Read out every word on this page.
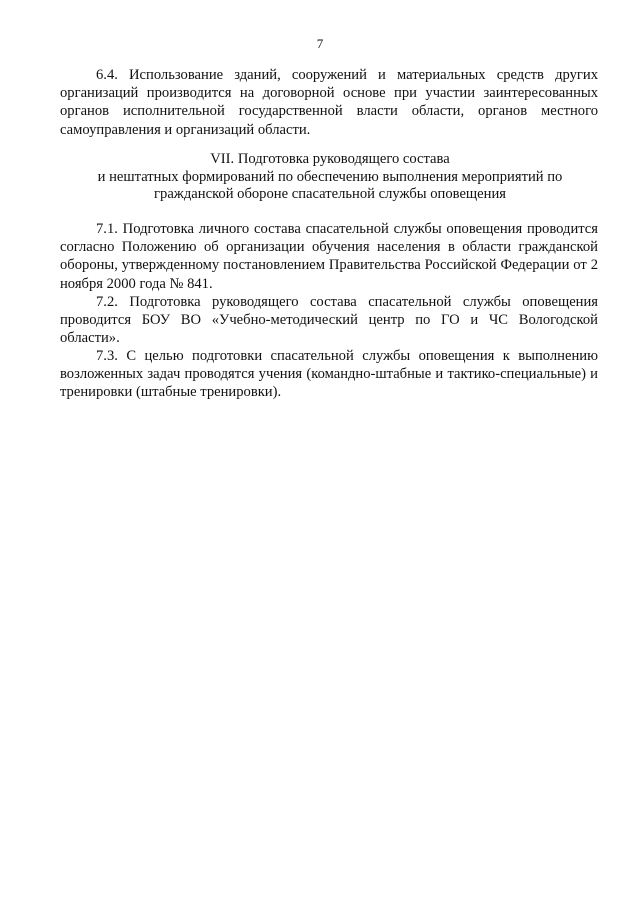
7

6.4. Использование зданий, сооружений и материальных средств других организаций производится на договорной основе при участии заинтересованных органов исполнительной государственной власти области, органов местного самоуправления и организаций области.

VII. Подготовка руководящего состава
и нештатных формирований по обеспечению выполнения мероприятий по
гражданской обороне спасательной службы оповещения

7.1. Подготовка личного состава спасательной службы оповещения проводится согласно Положению об организации обучения населения в области гражданской обороны, утвержденному постановлением Правительства Российской Федерации от 2 ноября 2000 года № 841.

7.2. Подготовка руководящего состава спасательной службы оповещения проводится БОУ ВО «Учебно-методический центр по ГО и ЧС Вологодской области».

7.3. С целью подготовки спасательной службы оповещения к выполнению возложенных задач проводятся учения (командно-штабные и тактико-специальные) и тренировки (штабные тренировки).
